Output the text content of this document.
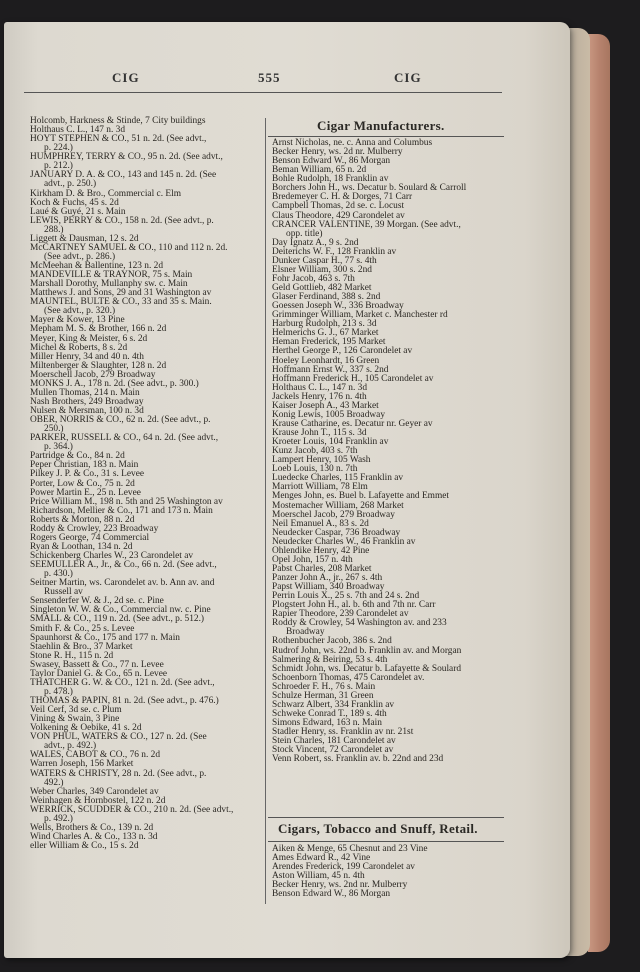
CIG	555	CIG
Holcomb, Harkness & Stinde, 7 City buildings
Holthaus C. L., 147 n. 3d
HOYT STEPHEN & CO., 51 n. 2d. (See advt.,
p. 224.)
HUMPHREY, TERRY & CO., 95 n. 2d. (See advt.,
p. 212.)
JANUARY D. A. & CO., 143 and 145 n. 2d. (See
advt., p. 250.)
Kirkham D. & Bro., Commercial c. Elm
Koch & Fuchs, 45 s. 2d
Laué & Guyé, 21 s. Main
LEWIS, PERRY & CO., 158 n. 2d. (See advt., p.
288.)
Liggett & Dausman, 12 s. 2d
McCARTNEY SAMUEL & CO., 110 and 112 n. 2d.
(See advt., p. 286.)
McMeehan & Ballentine, 123 n. 2d
MANDEVILLE & TRAYNOR, 75 s. Main
Marshall Dorothy, Mullanphy sw. c. Main
Matthews J. and Sons, 29 and 31 Washington av
MAUNTEL, BULTE & CO., 33 and 35 s. Main.
(See advt., p. 320.)
Mayer & Kower, 13 Pine
Mepham M. S. & Brother, 166 n. 2d
Meyer, King & Meister, 6 s. 2d
Michel & Roberts, 8 s. 2d
Miller Henry, 34 and 40 n. 4th
Miltenberger & Slaughter, 128 n. 2d
Moerschell Jacob, 279 Broadway
MONKS J. A., 178 n. 2d. (See advt., p. 300.)
Mullen Thomas, 214 n. Main
Nash Brothers, 249 Broadway
Nulsen & Mersman, 100 n. 3d
OBER, NORRIS & CO., 62 n. 2d. (See advt., p.
250.)
PARKER, RUSSELL & CO., 64 n. 2d. (See advt.,
p. 364.)
Partridge & Co., 84 n. 2d
Peper Christian, 183 n. Main
Pilkey J. P. & Co., 31 s. Levee
Porter, Low & Co., 75 n. 2d
Power Martin E., 25 n. Levee
Price William M., 198 n. 5th and 25 Washington av
Richardson, Mellier & Co., 171 and 173 n. Main
Roberts & Morton, 88 n. 2d
Roddy & Crowley, 223 Broadway
Rogers George, 74 Commercial
Ryan & Loothan, 134 n. 2d
Schickenberg Charles W., 23 Carondelet av
SEEMULLER A., Jr., & Co., 66 n. 2d. (See advt.,
p. 430.)
Seitner Martin, ws. Carondelet av. b. Ann av. and
Russell av
Sensenderfer W. & J., 2d se. c. Pine
Singleton W. W. & Co., Commercial nw. c. Pine
SMALL & CO., 119 n. 2d. (See advt., p. 512.)
Smith F. & Co., 25 s. Levee
Spaunhorst & Co., 175 and 177 n. Main
Staehlin & Bro., 37 Market
Stone R. H., 115 n. 2d
Swasey, Bassett & Co., 77 n. Levee
Taylor Daniel G. & Co., 65 n. Levee
THATCHER G. W. & CO., 121 n. 2d. (See advt.,
p. 478.)
THOMAS & PAPIN, 81 n. 2d. (See advt., p. 476.)
Veil Cerf, 3d se. c. Plum
Vining & Swain, 3 Pine
Volkening & Oebike, 41 s. 2d
VON PHUL, WATERS & CO., 127 n. 2d. (See
advt., p. 492.)
WALES, CABOT & CO., 76 n. 2d
Warren Joseph, 156 Market
WATERS & CHRISTY, 28 n. 2d. (See advt., p.
492.)
Weber Charles, 349 Carondelet av
Weinhagen & Hornbostel, 122 n. 2d
WERRICK, SCUDDER & CO., 210 n. 2d. (See advt.,
p. 492.)
Wells, Brothers & Co., 139 n. 2d
Wind Charles A. & Co., 133 n. 3d
eller William & Co., 15 s. 2d
Cigar Manufacturers.
Arnst Nicholas, ne. c. Anna and Columbus
Becker Henry, ws. 2d nr. Mulberry
Benson Edward W., 86 Morgan
Beman William, 65 n. 2d
Bohle Rudolph, 18 Franklin av
Borchers John H., ws. Decatur b. Soulard & Carroll
Bredemeyer C. H. & Dorges, 71 Carr
Campbell Thomas, 2d se. c. Locust
Claus Theodore, 429 Carondelet av
CRANCER VALENTINE, 39 Morgan. (See advt.,
opp. title)
Day Ignatz A., 9 s. 2nd
Deiterichs W. F., 128 Franklin av
Dunker Caspar H., 77 s. 4th
Elsner William, 300 s. 2nd
Fohr Jacob, 463 s. 7th
Geld Gottlieb, 482 Market
Glaser Ferdinand, 388 s. 2nd
Goessen Joseph W., 336 Broadway
Grimminger William, Market c. Manchester rd
Harburg Rudolph, 213 s. 3d
Helmerichs G. J., 67 Market
Heman Frederick, 195 Market
Herthel George P., 126 Carondelet av
Hoeley Leonhardt, 16 Green
Hoffmann Ernst W., 337 s. 2nd
Hoffmann Frederick H., 105 Carondelet av
Holthaus C. L., 147 n. 3d
Jackels Henry, 176 n. 4th
Kaiser Joseph A., 43 Market
Konig Lewis, 1005 Broadway
Krause Catharine, es. Decatur nr. Geyer av
Krause John T., 115 s. 3d
Kroeter Louis, 104 Franklin av
Kunz Jacob, 403 s. 7th
Lampert Henry, 105 Wash
Loeb Louis, 130 n. 7th
Luedecke Charles, 115 Franklin av
Marriott William, 78 Elm
Menges John, es. Buel b. Lafayette and Emmet
Mostemacher William, 268 Market
Moerschel Jacob, 279 Broadway
Neil Emanuel A., 83 s. 2d
Neudecker Caspar, 736 Broadway
Neudecker Charles W., 46 Franklin av
Ohlendike Henry, 42 Pine
Opel John, 157 n. 4th
Pabst Charles, 208 Market
Panzer John A., jr., 267 s. 4th
Papst William, 340 Broadway
Perrin Louis X., 25 s. 7th and 24 s. 2nd
Plogstert John H., al. b. 6th and 7th nr. Carr
Rapier Theodore, 239 Carondelet av
Roddy & Crowley, 54 Washington av. and 233
Broadway
Rothenbucher Jacob, 386 s. 2nd
Rudrof John, ws. 22nd b. Franklin av. and Morgan
Salmering & Beiring, 53 s. 4th
Schmidt John, ws. Decatur b. Lafayette & Soulard
Schoenborn Thomas, 475 Carondelet av.
Schroeder F. H., 76 s. Main
Schulze Herman, 31 Green
Schwarz Albert, 334 Franklin av
Schweke Conrad T., 189 s. 4th
Simons Edward, 163 n. Main
Stadler Henry, ss. Franklin av nr. 21st
Stein Charles, 181 Carondelet av
Stock Vincent, 72 Carondelet av
Venn Robert, ss. Franklin av. b. 22nd and 23d
Cigars, Tobacco and Snuff, Retail.
Aiken & Menge, 65 Chesnut and 23 Vine
Ames Edward R., 42 Vine
Arendes Frederick, 199 Carondelet av
Aston William, 45 n. 4th
Becker Henry, ws. 2nd nr. Mulberry
Benson Edward W., 86 Morgan
